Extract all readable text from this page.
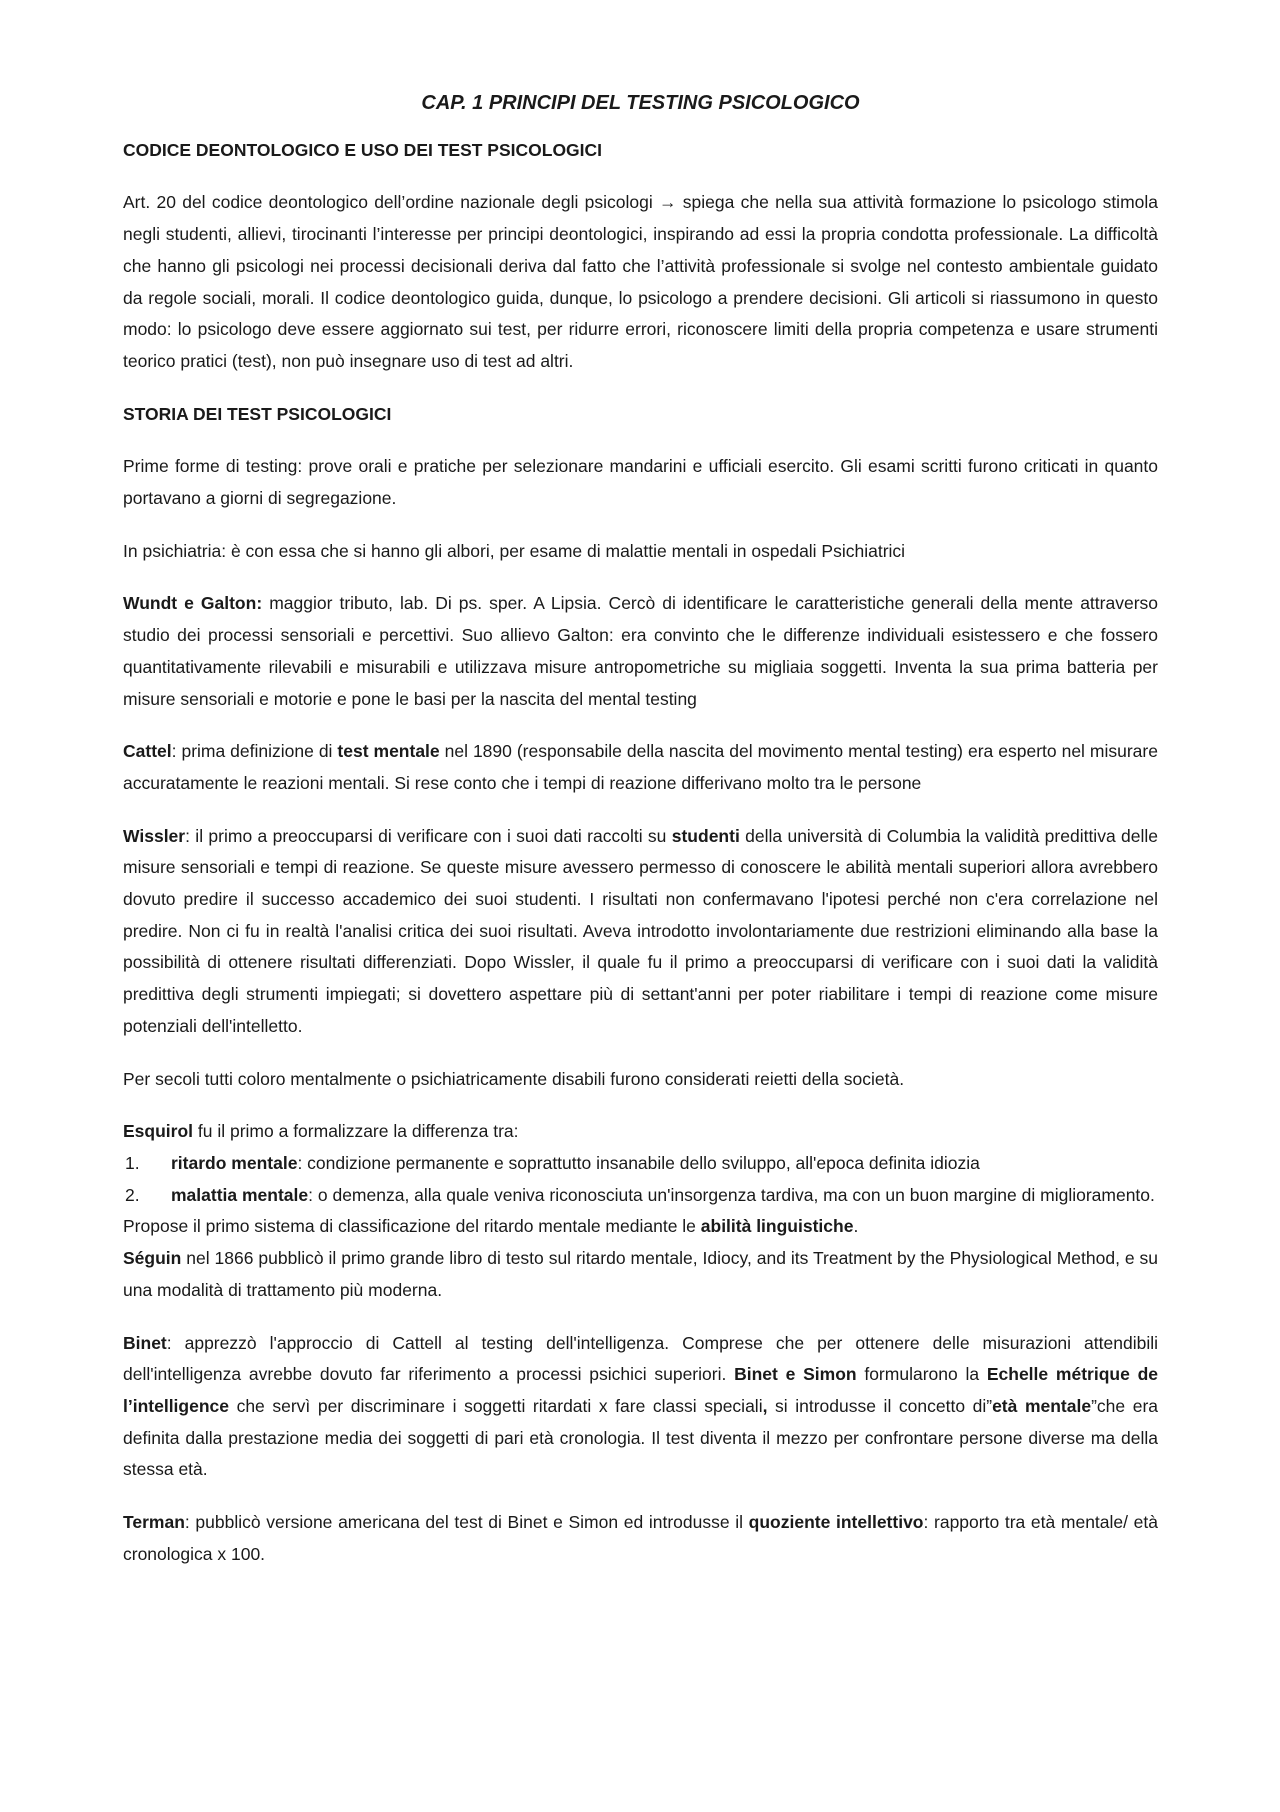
CAP. 1 PRINCIPI DEL TESTING PSICOLOGICO
CODICE DEONTOLOGICO E USO DEI TEST PSICOLOGICI

Art. 20 del codice deontologico dell’ordine nazionale degli psicologi → spiega che nella sua attività formazione lo psicologo stimola negli studenti, allievi, tirocinanti l’interesse per principi deontologici, inspirando ad essi la propria condotta professionale. La difficoltà che hanno gli psicologi nei processi decisionali deriva dal fatto che l’attività professionale si svolge nel contesto ambientale guidato da regole sociali, morali. Il codice deontologico guida, dunque, lo psicologo a prendere decisioni. Gli articoli si riassumono in questo modo: lo psicologo deve essere aggiornato sui test, per ridurre errori, riconoscere limiti della propria competenza e usare strumenti teorico pratici (test), non può insegnare uso di test ad altri.

STORIA DEI TEST PSICOLOGICI

Prime forme di testing: prove orali e pratiche per selezionare mandarini e ufficiali esercito. Gli esami scritti furono criticati in quanto portavano a giorni di segregazione.

In psichiatria: è con essa che si hanno gli albori, per esame di malattie mentali in ospedali Psichiatrici

Wundt e Galton: maggior tributo, lab. Di ps. sper. A Lipsia. Cercò di identificare le caratteristiche generali della mente attraverso studio dei processi sensoriali e percettivi. Suo allievo Galton: era convinto che le differenze individuali esistessero e che fossero quantitativamente rilevabili e misurabili e utilizzava misure antropometriche su migliaia soggetti. Inventa la sua prima batteria per misure sensoriali e motorie e pone le basi per la nascita del mental testing

Cattel: prima definizione di test mentale nel 1890 (responsabile della nascita del movimento mental testing) era esperto nel misurare accuratamente le reazioni mentali. Si rese conto che i tempi di reazione differivano molto tra le persone

Wissler: il primo a preoccuparsi di verificare con i suoi dati raccolti su studenti della università di Columbia la validità predittiva delle misure sensoriali e tempi di reazione. Se queste misure avessero permesso di conoscere le abilità mentali superiori allora avrebbero dovuto predire il successo accademico dei suoi studenti. I risultati non confermavano l'ipotesi perché non c'era correlazione nel predire. Non ci fu in realtà l'analisi critica dei suoi risultati. Aveva introdotto involontariamente due restrizioni eliminando alla base la possibilità di ottenere risultati differenziati. Dopo Wissler, il quale fu il primo a preoccuparsi di verificare con i suoi dati la validità predittiva degli strumenti impiegati; si dovettero aspettare più di settant'anni per poter riabilitare i tempi di reazione come misure potenziali dell'intelletto.

Per secoli tutti coloro mentalmente o psichiatricamente disabili furono considerati reietti della società.

Esquirol fu il primo a formalizzare la differenza tra:

1. ritardo mentale: condizione permanente e soprattutto insanabile dello sviluppo, all'epoca definita idiozia
2. malattia mentale: o demenza, alla quale veniva riconosciuta un'insorgenza tardiva, ma con un buon margine di miglioramento.

Propose il primo sistema di classificazione del ritardo mentale mediante le abilità linguistiche.

Séguin nel 1866 pubblicò il primo grande libro di testo sul ritardo mentale, Idiocy, and its Treatment by the Physiological Method, e su una modalità di trattamento più moderna.

Binet: apprezzò l'approccio di Cattell al testing dell'intelligenza. Comprese che per ottenere delle misurazioni attendibili dell'intelligenza avrebbe dovuto far riferimento a processi psichici superiori. Binet e Simon formularono la Echelle métrique de l’intelligence che servì per discriminare i soggetti ritardati x fare classi speciali, si introdusse il concetto di”età mentale”che era definita dalla prestazione media dei soggetti di pari età cronologia. Il test diventa il mezzo per confrontare persone diverse ma della stessa età.

Terman: pubblicò versione americana del test di Binet e Simon ed introdusse il quoziente intellettivo: rapporto tra età mentale/ età cronologica x 100.
